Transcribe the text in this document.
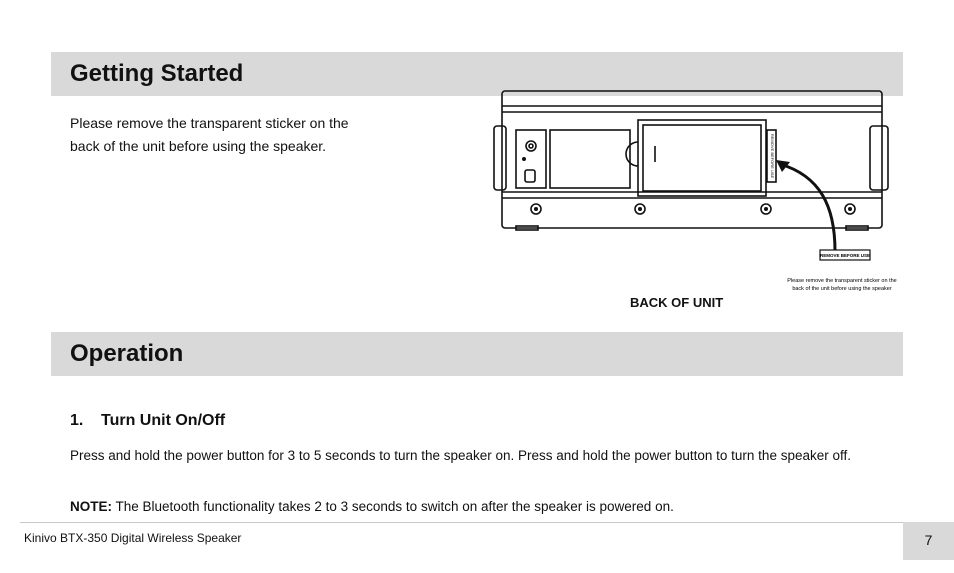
Getting Started

Please remove the transparent sticker on the back of the unit before using the speaker.	REMOVE BEFORE USE
REMOVE BEFORE USE
Please remove the transparent sticker on the
back of the unit before using the speaker

BACK OF UNIT

Operation
1. Turn Unit On/Off

Press and hold the power button for 3 to 5 seconds to turn the speaker on. Press and hold the power button to turn the speaker off.

NOTE: The Bluetooth functionality takes 2 to 3 seconds to switch on after the speaker is powered on.

Kinivo BTX-350 Digital Wireless Speaker	7
